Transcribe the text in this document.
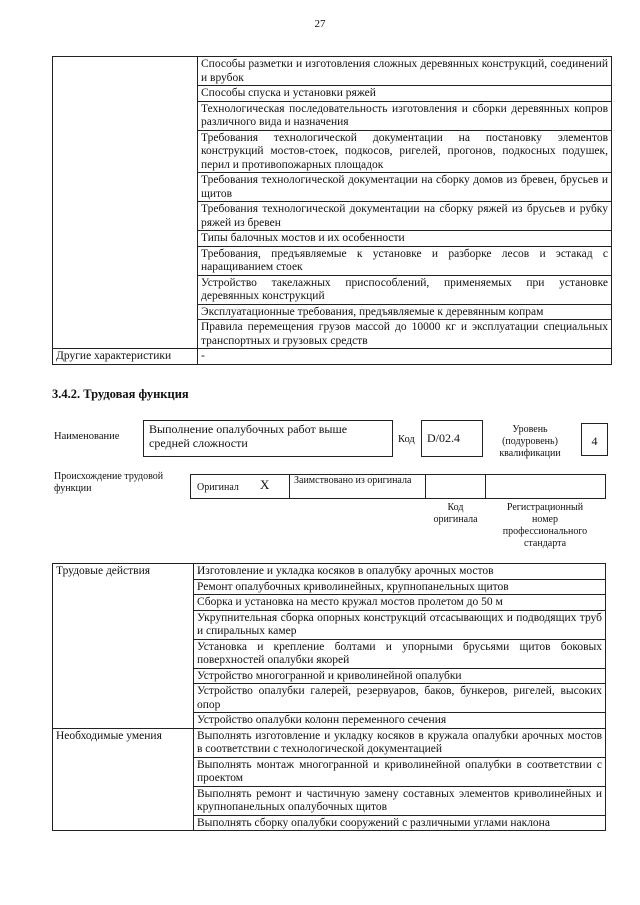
27
	Способы разметки и изготовления сложных деревянных конструкций, соединений и врубок
	Способы спуска и установки ряжей
	Технологическая последовательность изготовления и сборки деревянных копров различного вида и назначения
	Требования технологической документации на постановку элементов конструкций мостов-стоек, подкосов, ригелей, прогонов, подкосных подушек, перил и противопожарных площадок
	Требования технологической документации на сборку домов из бревен, брусьев и щитов
	Требования технологической документации на сборку ряжей из брусьев и рубку ряжей из бревен
	Типы балочных мостов и их особенности
	Требования, предъявляемые к установке и разборке лесов и эстакад с наращиванием стоек
	Устройство такелажных приспособлений, применяемых при установке деревянных конструкций
	Эксплуатационные требования, предъявляемые к деревянным копрам
	Правила перемещения грузов массой до 10000 кг и эксплуатации специальных транспортных и грузовых средств
Другие характеристики	-
3.4.2. Трудовая функция
Наименование
Выполнение опалубочных работ выше средней сложности	Код	D/02.4
Уровень (подуровень) квалификации
4
Происхождение трудовой функции	Оригинал X Заимствовано из оригинала
Код оригинала
Регистрационный номер профессионального стандарта
Трудовые действия	Изготовление и укладка косяков в опалубку арочных мостов
	Ремонт опалубочных криволинейных, крупнопанельных щитов
	Сборка и установка на место кружал мостов пролетом до 50 м
	Укрупнительная сборка опорных конструкций отсасывающих и подводящих труб и спиральных камер
	Установка и крепление болтами и упорными брусьями щитов боковых поверхностей опалубки якорей
	Устройство многогранной и криволинейной опалубки
	Устройство опалубки галерей, резервуаров, баков, бункеров, ригелей, высоких опор
	Устройство опалубки колонн переменного сечения
Необходимые умения	Выполнять изготовление и укладку косяков в кружала опалубки арочных мостов в соответствии с технологической документацией
	Выполнять монтаж многогранной и криволинейной опалубки в соответствии с проектом
	Выполнять ремонт и частичную замену составных элементов криволинейных и крупнопанельных опалубочных щитов
	Выполнять сборку опалубки сооружений с различными углами наклона
